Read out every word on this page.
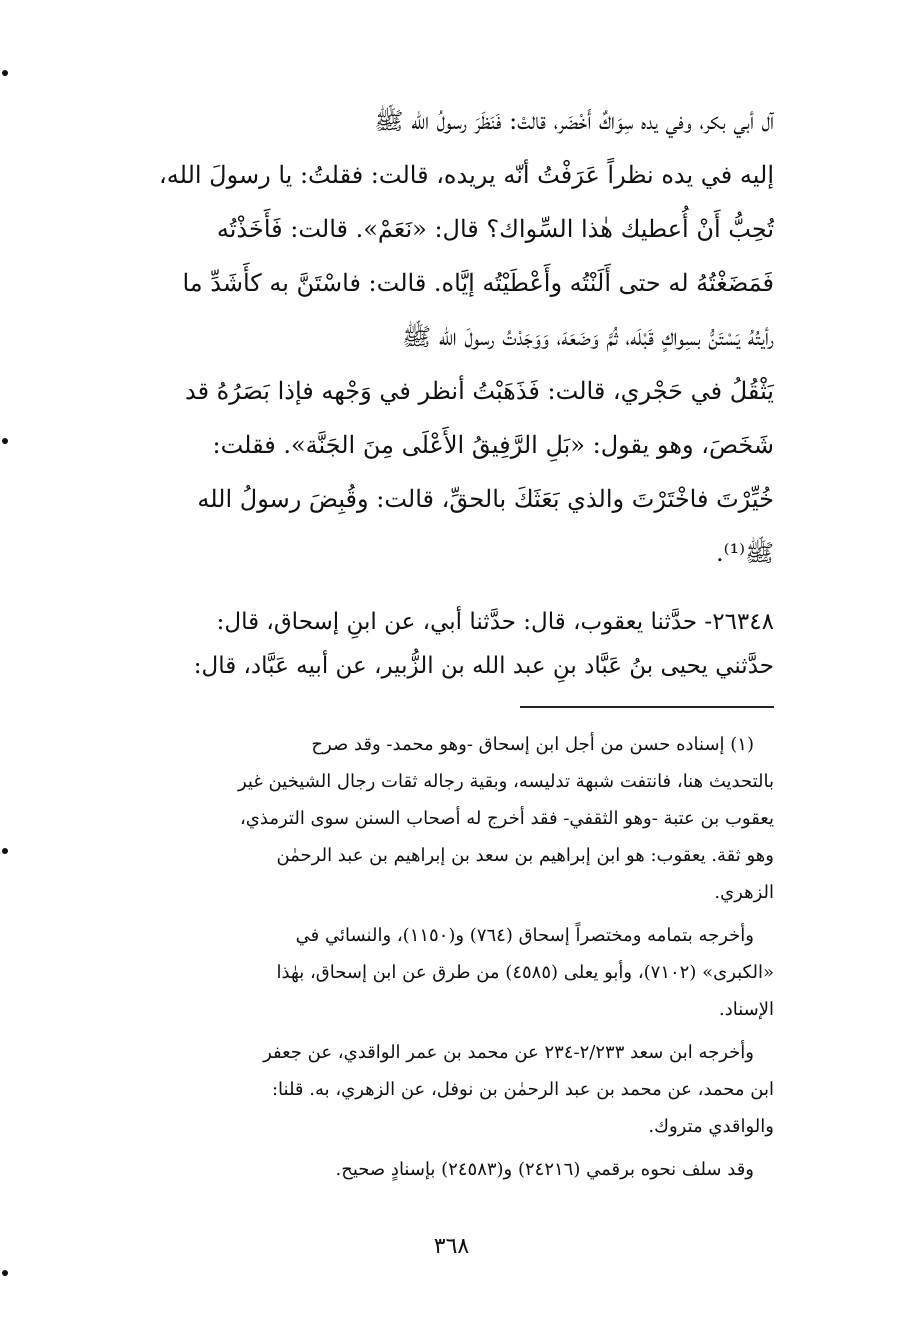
آل أبي بكر، وفي يده سِوَاكٌ أَخْضَر، قالتْ: فَنَظَرَ رسولُ الله ﷺ
إليه في يده نظراً عَرَفْتُ أنّه يريده، قالت: فقلتُ: يا رسولَ الله،
تُحِبُّ أَنْ أُعطيك هٰذا السِّواك؟ قال: «نَعَمْ». قالت: فَأَخَذْتُه
فَمَضَغْتُهُ له حتى أَلَنْتُه وأَعْطَيْتُه إيَّاه. قالت: فاسْتَنَّ به كأَشَدِّ ما
رأيتُهُ يَسْتَنُّ بسِواكٍ قَبْلَه، ثُمَّ وَضَعَهَ، وَوَجَدْتُ رسولَ الله ﷺ
يَثْقُلُ في حَجْري، قالت: فَذَهَبْتُ أنظر في وَجْهه فإذا بَصَرُهُ قد
شَخَصَ، وهو يقول: «بَلِ الرَّفِيقُ الأَعْلَى مِنَ الجَنَّة». فقلت:
خُيِّرْتَ فاخْتَرْتَ والذي بَعَثَكَ بالحقِّ، قالت: وقُبِضَ رسولُ الله
ﷺ⁽¹⁾.
٢٦٣٤٨- حدَّثنا يعقوب، قال: حدَّثنا أبي، عن ابنِ إسحاق، قال:
حدَّثني يحيى بنُ عَبَّاد بنِ عبد الله بن الزُّبير، عن أبيه عَبَّاد، قال:
(١) إسناده حسن من أجل ابن إسحاق -وهو محمد- وقد صرح
بالتحديث هنا، فانتفت شبهة تدليسه، وبقية رجاله ثقات رجال الشيخين غير
يعقوب بن عتبة -وهو الثقفي- فقد أخرج له أصحاب السنن سوى الترمذي،
وهو ثقة. يعقوب: هو ابن إبراهيم بن سعد بن إبراهيم بن عبد الرحمٰن
الزهري.
وأخرجه بتمامه ومختصراً إسحاق (٧٦٤) و(١١٥٠)، والنسائي في
«الكبرى» (٧١٠٢)، وأبو يعلى (٤٥٨٥) من طرق عن ابن إسحاق، بهٰذا
الإسناد.
وأخرجه ابن سعد ٢/٢٣٣-٢٣٤ عن محمد بن عمر الواقدي، عن جعفر
ابن محمد، عن محمد بن عبد الرحمٰن بن نوفل، عن الزهري، به. قلنا:
والواقدي متروك.
وقد سلف نحوه برقمي (٢٤٢١٦) و(٢٤٥٨٣) بإسنادٍ صحيح.
٣٦٨
